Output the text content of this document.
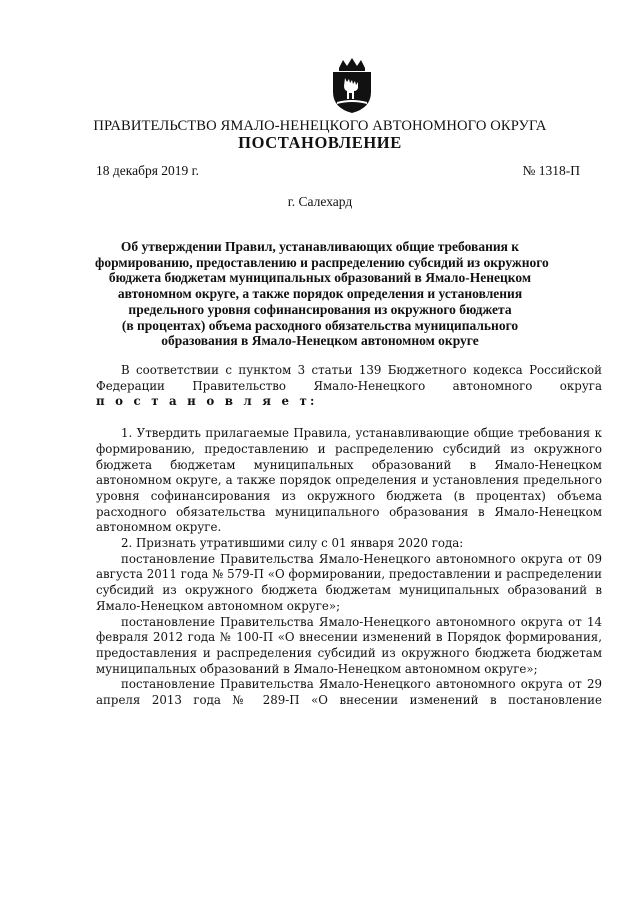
ПРАВИТЕЛЬСТВО ЯМАЛО-НЕНЕЦКОГО АВТОНОМНОГО ОКРУГА
ПОСТАНОВЛЕНИЕ
18 декабря 2019 г.	№ 1318-П
г. Салехард
Об утверждении Правил, устанавливающих общие требования к
формированию, предоставлению и распределению субсидий из окружного
бюджета бюджетам муниципальных образований в Ямало-Ненецком
автономном округе, а также порядок определения и установления
предельного уровня софинансирования из окружного бюджета
(в процентах) объема расходного обязательства муниципального
образования в Ямало-Ненецком автономном округе

В соответствии с пунктом 3 статьи 139 Бюджетного кодекса Российской Федерации Правительство Ямало-Ненецкого автономного округа

п о с т а н о в л я е т:

1. Утвердить прилагаемые Правила, устанавливающие общие требования к формированию, предоставлению и распределению субсидий из окружного бюджета бюджетам муниципальных образований в Ямало-Ненецком автономном округе, а также порядок определения и установления предельного уровня софинансирования из окружного бюджета (в процентах) объема расходного обязательства муниципального образования в Ямало-Ненецком автономном округе.

2. Признать утратившими силу с 01 января 2020 года:

постановление Правительства Ямало-Ненецкого автономного округа от 09 августа 2011 года № 579-П «О формировании, предоставлении и распределении субсидий из окружного бюджета бюджетам муниципальных образований в Ямало-Ненецком автономном округе»;

постановление Правительства Ямало-Ненецкого автономного округа от 14 февраля 2012 года № 100-П «О внесении изменений в Порядок формирования, предоставления и распределения субсидий из окружного бюджета бюджетам муниципальных образований в Ямало-Ненецком автономном округе»;

постановление Правительства Ямало-Ненецкого автономного округа от 29 апреля 2013 года № 289-П «О внесении изменений в постановление
